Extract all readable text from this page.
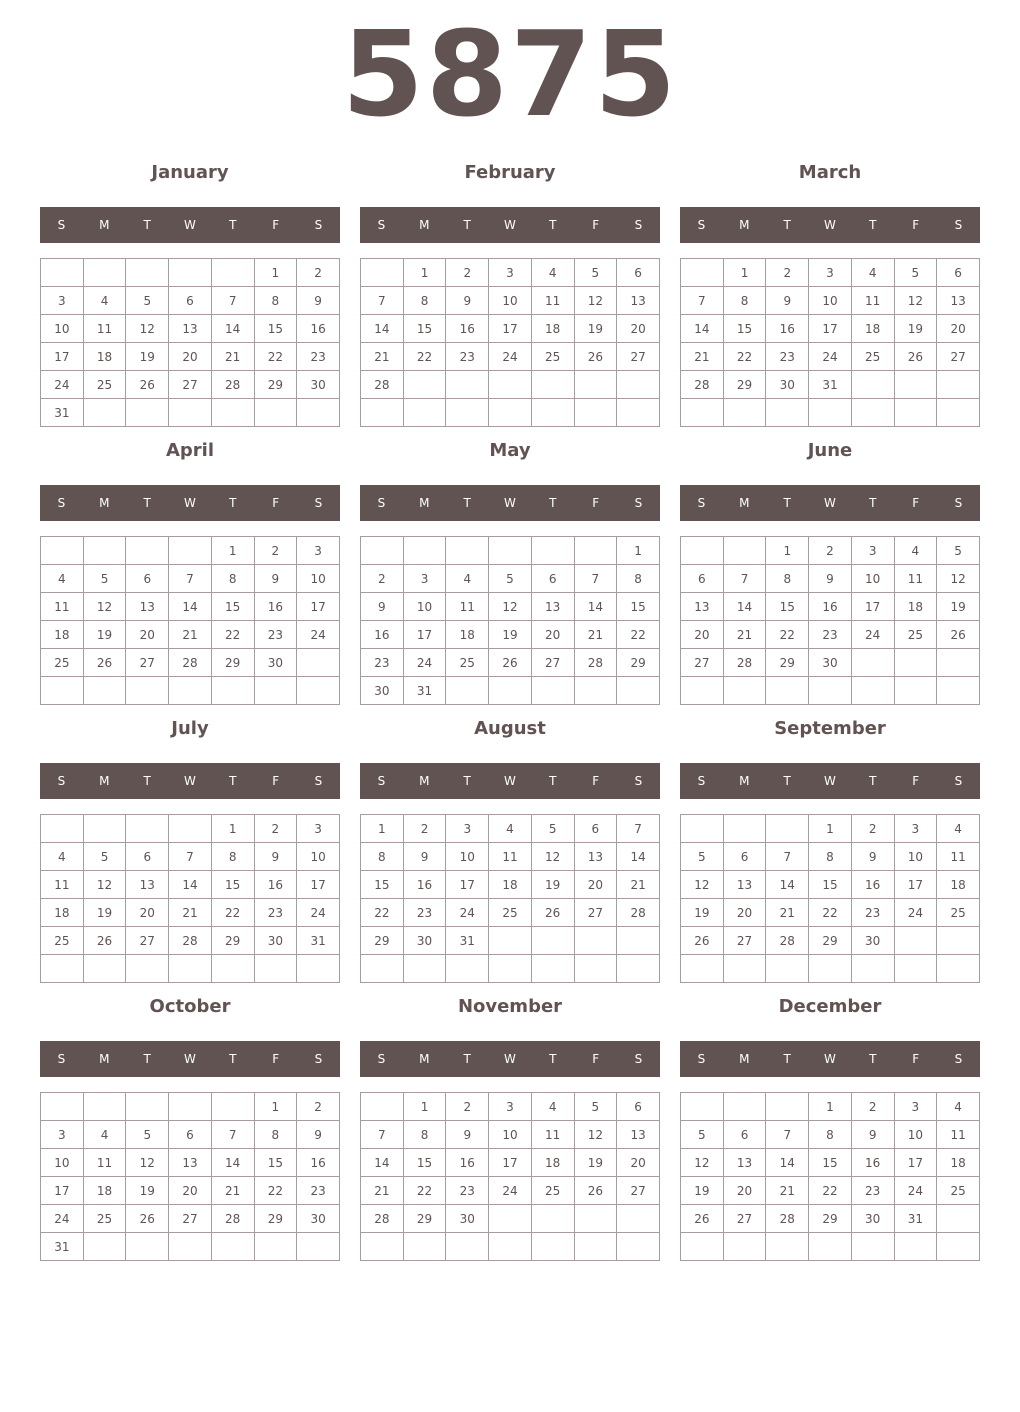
5875
January
S	M	T	W	T	F	S
					1	2
3	4	5	6	7	8	9
10	11	12	13	14	15	16
17	18	19	20	21	22	23
24	25	26	27	28	29	30
31						
February
S	M	T	W	T	F	S
	1	2	3	4	5	6
7	8	9	10	11	12	13
14	15	16	17	18	19	20
21	22	23	24	25	26	27
28						

March
S	M	T	W	T	F	S
	1	2	3	4	5	6
7	8	9	10	11	12	13
14	15	16	17	18	19	20
21	22	23	24	25	26	27
28	29	30	31			

April
S	M	T	W	T	F	S
				1	2	3
4	5	6	7	8	9	10
11	12	13	14	15	16	17
18	19	20	21	22	23	24
25	26	27	28	29	30	

May
S	M	T	W	T	F	S
						1
2	3	4	5	6	7	8
9	10	11	12	13	14	15
16	17	18	19	20	21	22
23	24	25	26	27	28	29
30	31					
June
S	M	T	W	T	F	S
		1	2	3	4	5
6	7	8	9	10	11	12
13	14	15	16	17	18	19
20	21	22	23	24	25	26
27	28	29	30			

July
S	M	T	W	T	F	S
				1	2	3
4	5	6	7	8	9	10
11	12	13	14	15	16	17
18	19	20	21	22	23	24
25	26	27	28	29	30	31

August
S	M	T	W	T	F	S
1	2	3	4	5	6	7
8	9	10	11	12	13	14
15	16	17	18	19	20	21
22	23	24	25	26	27	28
29	30	31				

September
S	M	T	W	T	F	S
			1	2	3	4
5	6	7	8	9	10	11
12	13	14	15	16	17	18
19	20	21	22	23	24	25
26	27	28	29	30		

October
S	M	T	W	T	F	S
					1	2
3	4	5	6	7	8	9
10	11	12	13	14	15	16
17	18	19	20	21	22	23
24	25	26	27	28	29	30
31						
November
S	M	T	W	T	F	S
	1	2	3	4	5	6
7	8	9	10	11	12	13
14	15	16	17	18	19	20
21	22	23	24	25	26	27
28	29	30				

December
S	M	T	W	T	F	S
			1	2	3	4
5	6	7	8	9	10	11
12	13	14	15	16	17	18
19	20	21	22	23	24	25
26	27	28	29	30	31	
